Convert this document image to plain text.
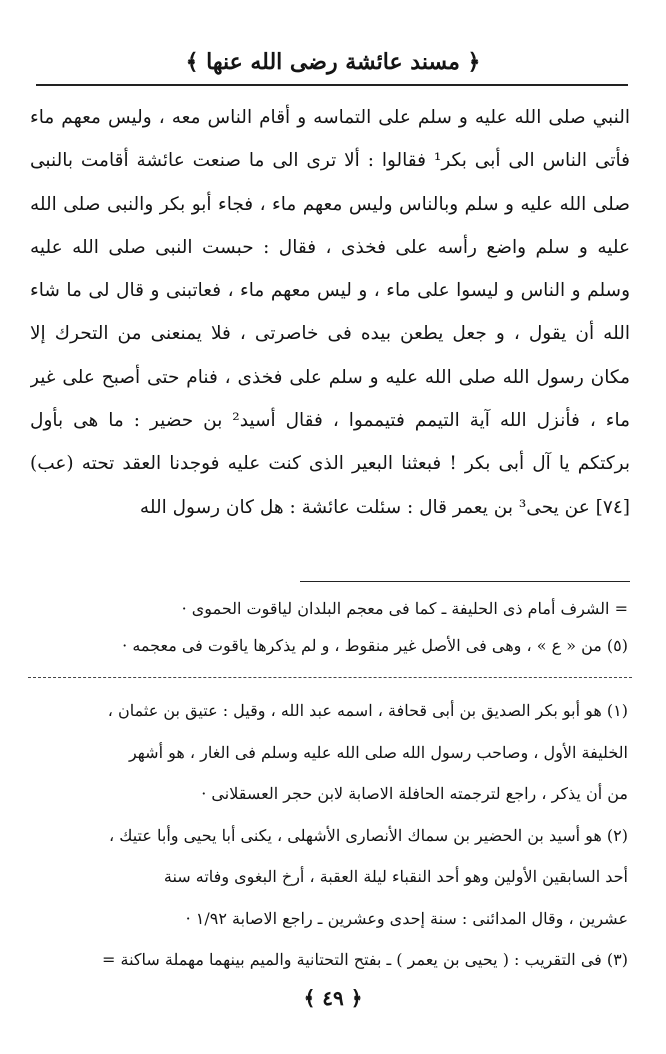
﴿ مسند عائشة رضى الله عنها ﴾
النبي صلى الله عليه و سلم على التماسه و أقام الناس معه ، وليس معهم ماء
فأتى الناس الى أبى بكر¹ فقالوا : ألا ترى الى ما صنعت عائشة أقامت بالنبى
صلى الله عليه و سلم وبالناس وليس معهم ماء ، فجاء أبو بكر والنبى صلى الله
عليه و سلم واضع رأسه على فخذى ، فقال : حبست النبى صلى الله عليه
وسلم و الناس و ليسوا على ماء ، و ليس معهم ماء ، فعاتبنى و قال لى ما شاء
الله أن يقول ، و جعل يطعن بيده فى خاصرتى ، فلا يمنعنى من التحرك إلا
مكان رسول الله صلى الله عليه و سلم على فخذى ، فنام حتى أصبح على غير
ماء ، فأنزل الله آية التيمم فتيمموا ، فقال أسيد² بن حضير : ما هى بأول
بركتكم يا آل أبى بكر ! فبعثنا البعير الذى كنت عليه فوجدنا العقد تحته (عب)
[٧٤] عن يحى³ بن يعمر قال : سئلت عائشة : هل كان رسول الله
= الشرف أمام ذى الحليفة ـ كما فى معجم البلدان لياقوت الحموى ·
(٥) من « ع » ، وهى فى الأصل غير منقوط ، و لم يذكرها ياقوت فى معجمه ·
(١) هو أبو بكر الصديق بن أبى قحافة ، اسمه عبد الله ، وقيل : عتيق بن عثمان ،
الخليفة الأول ، وصاحب رسول الله صلى الله عليه وسلم فى الغار ، هو أشهر
من أن يذكر ، راجع لترجمته الحافلة الاصابة لابن حجر العسقلانى ·
(٢) هو أسيد بن الحضير بن سماك الأنصارى الأشهلى ، يكنى أبا يحيى وأبا عتيك ،
أحد السابقين الأولين وهو أحد النقباء ليلة العقبة ، أرخ البغوى وفاته سنة
عشرين ، وقال المدائنى : سنة إحدى وعشرين ـ راجع الاصابة ١/٩٢ ·
(٣) فى التقريب : ( يحيى بن يعمر ) ـ بفتح التحتانية والميم بينهما مهملة ساكنة =
﴿ ٤٩ ﴾
